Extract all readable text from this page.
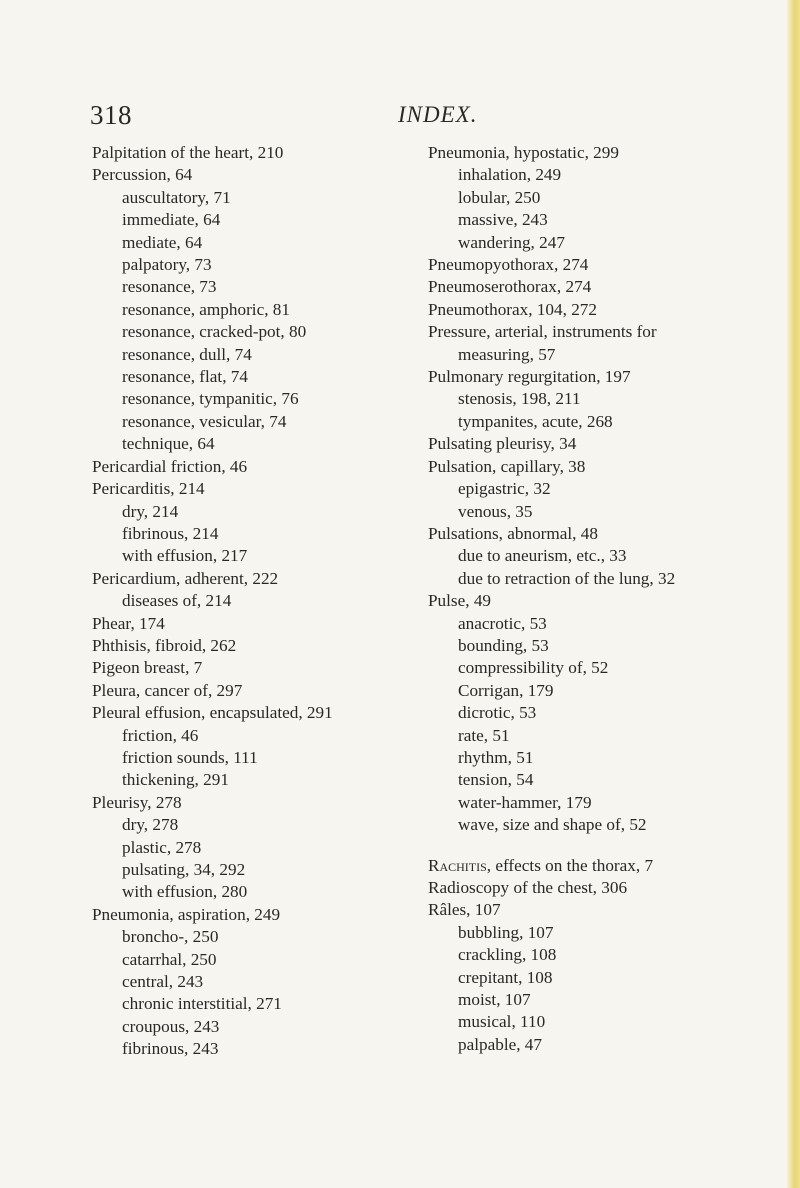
318	INDEX.
Palpitation of the heart, 210
Percussion, 64
auscultatory, 71
immediate, 64
mediate, 64
palpatory, 73
resonance, 73
resonance, amphoric, 81
resonance, cracked-pot, 80
resonance, dull, 74
resonance, flat, 74
resonance, tympanitic, 76
resonance, vesicular, 74
technique, 64
Pericardial friction, 46
Pericarditis, 214
dry, 214
fibrinous, 214
with effusion, 217
Pericardium, adherent, 222
diseases of, 214
Phear, 174
Phthisis, fibroid, 262
Pigeon breast, 7
Pleura, cancer of, 297
Pleural effusion, encapsulated, 291
friction, 46
friction sounds, 111
thickening, 291
Pleurisy, 278
dry, 278
plastic, 278
pulsating, 34, 292
with effusion, 280
Pneumonia, aspiration, 249
broncho-, 250
catarrhal, 250
central, 243
chronic interstitial, 271
croupous, 243
fibrinous, 243
Pneumonia, hypostatic, 299
inhalation, 249
lobular, 250
massive, 243
wandering, 247
Pneumopyothorax, 274
Pneumoserothorax, 274
Pneumothorax, 104, 272
Pressure, arterial, instruments for
measuring, 57
Pulmonary regurgitation, 197
stenosis, 198, 211
tympanites, acute, 268
Pulsating pleurisy, 34
Pulsation, capillary, 38
epigastric, 32
venous, 35
Pulsations, abnormal, 48
due to aneurism, etc., 33
due to retraction of the lung, 32
Pulse, 49
anacrotic, 53
bounding, 53
compressibility of, 52
Corrigan, 179
dicrotic, 53
rate, 51
rhythm, 51
tension, 54
water-hammer, 179
wave, size and shape of, 52
Rachitis, effects on the thorax, 7
Radioscopy of the chest, 306
Râles, 107
bubbling, 107
crackling, 108
crepitant, 108
moist, 107
musical, 110
palpable, 47
